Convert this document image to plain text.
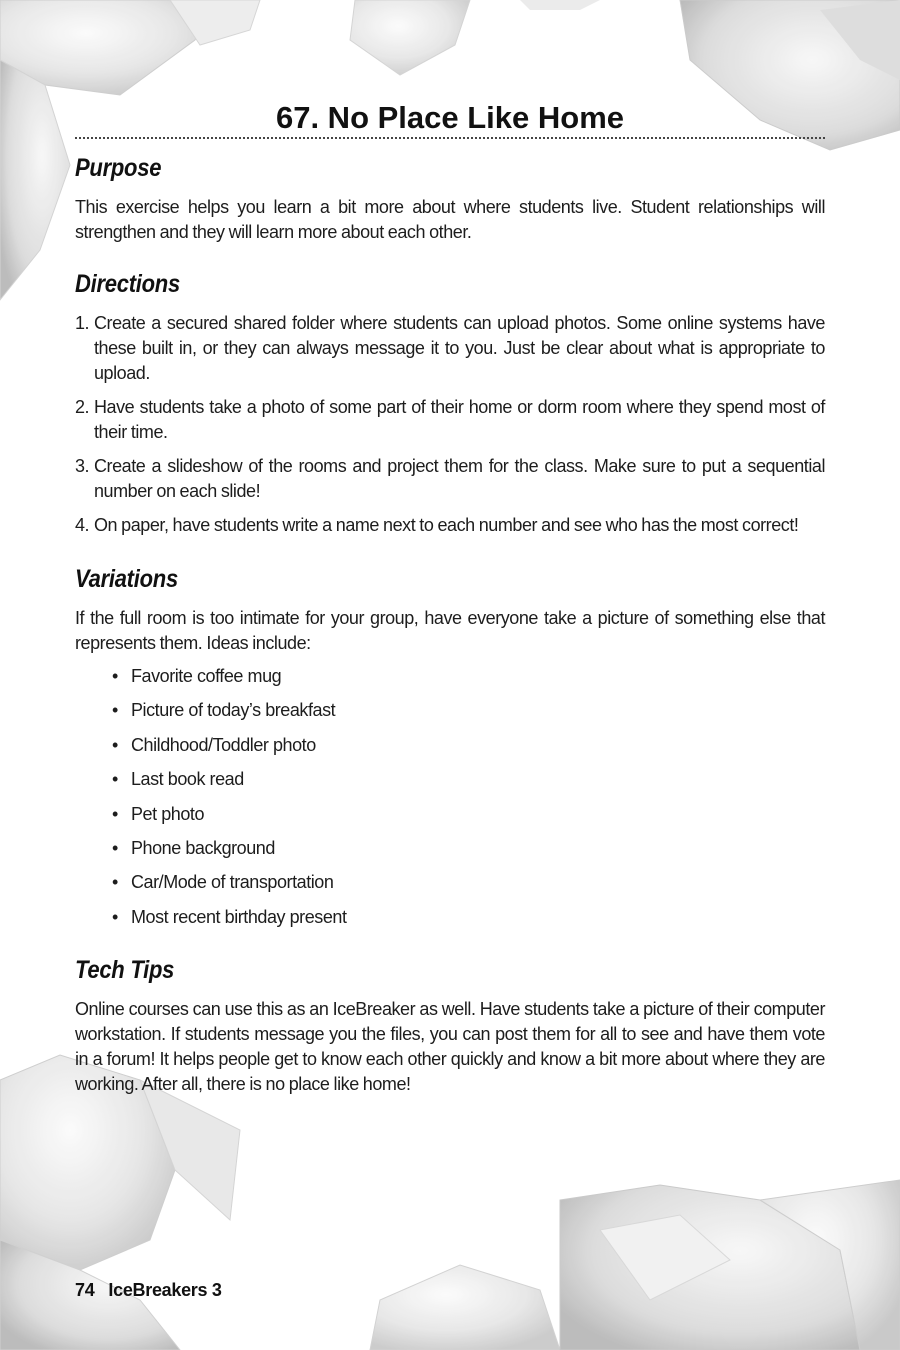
67. No Place Like Home
Purpose

This exercise helps you learn a bit more about where students live. Student relationships will strengthen and they will learn more about each other.

Directions
1. Create a secured shared folder where students can upload photos. Some online systems have these built in, or they can always message it to you. Just be clear about what is appropriate to upload.
2. Have students take a photo of some part of their home or dorm room where they spend most of their time.
3. Create a slideshow of the rooms and project them for the class. Make sure to put a sequential number on each slide!
4. On paper, have students write a name next to each number and see who has the most correct!
Variations

If the full room is too intimate for your group, have everyone take a picture of something else that represents them. Ideas include:

• Favorite coffee mug
• Picture of today’s breakfast
• Childhood/Toddler photo
• Last book read
• Pet photo
• Phone background
• Car/Mode of transportation
• Most recent birthday present
Tech Tips

Online courses can use this as an IceBreaker as well. Have students take a picture of their computer workstation. If students message you the files, you can post them for all to see and have them vote in a forum! It helps people get to know each other quickly and know a bit more about where they are working. After all, there is no place like home!

74 IceBreakers 3
